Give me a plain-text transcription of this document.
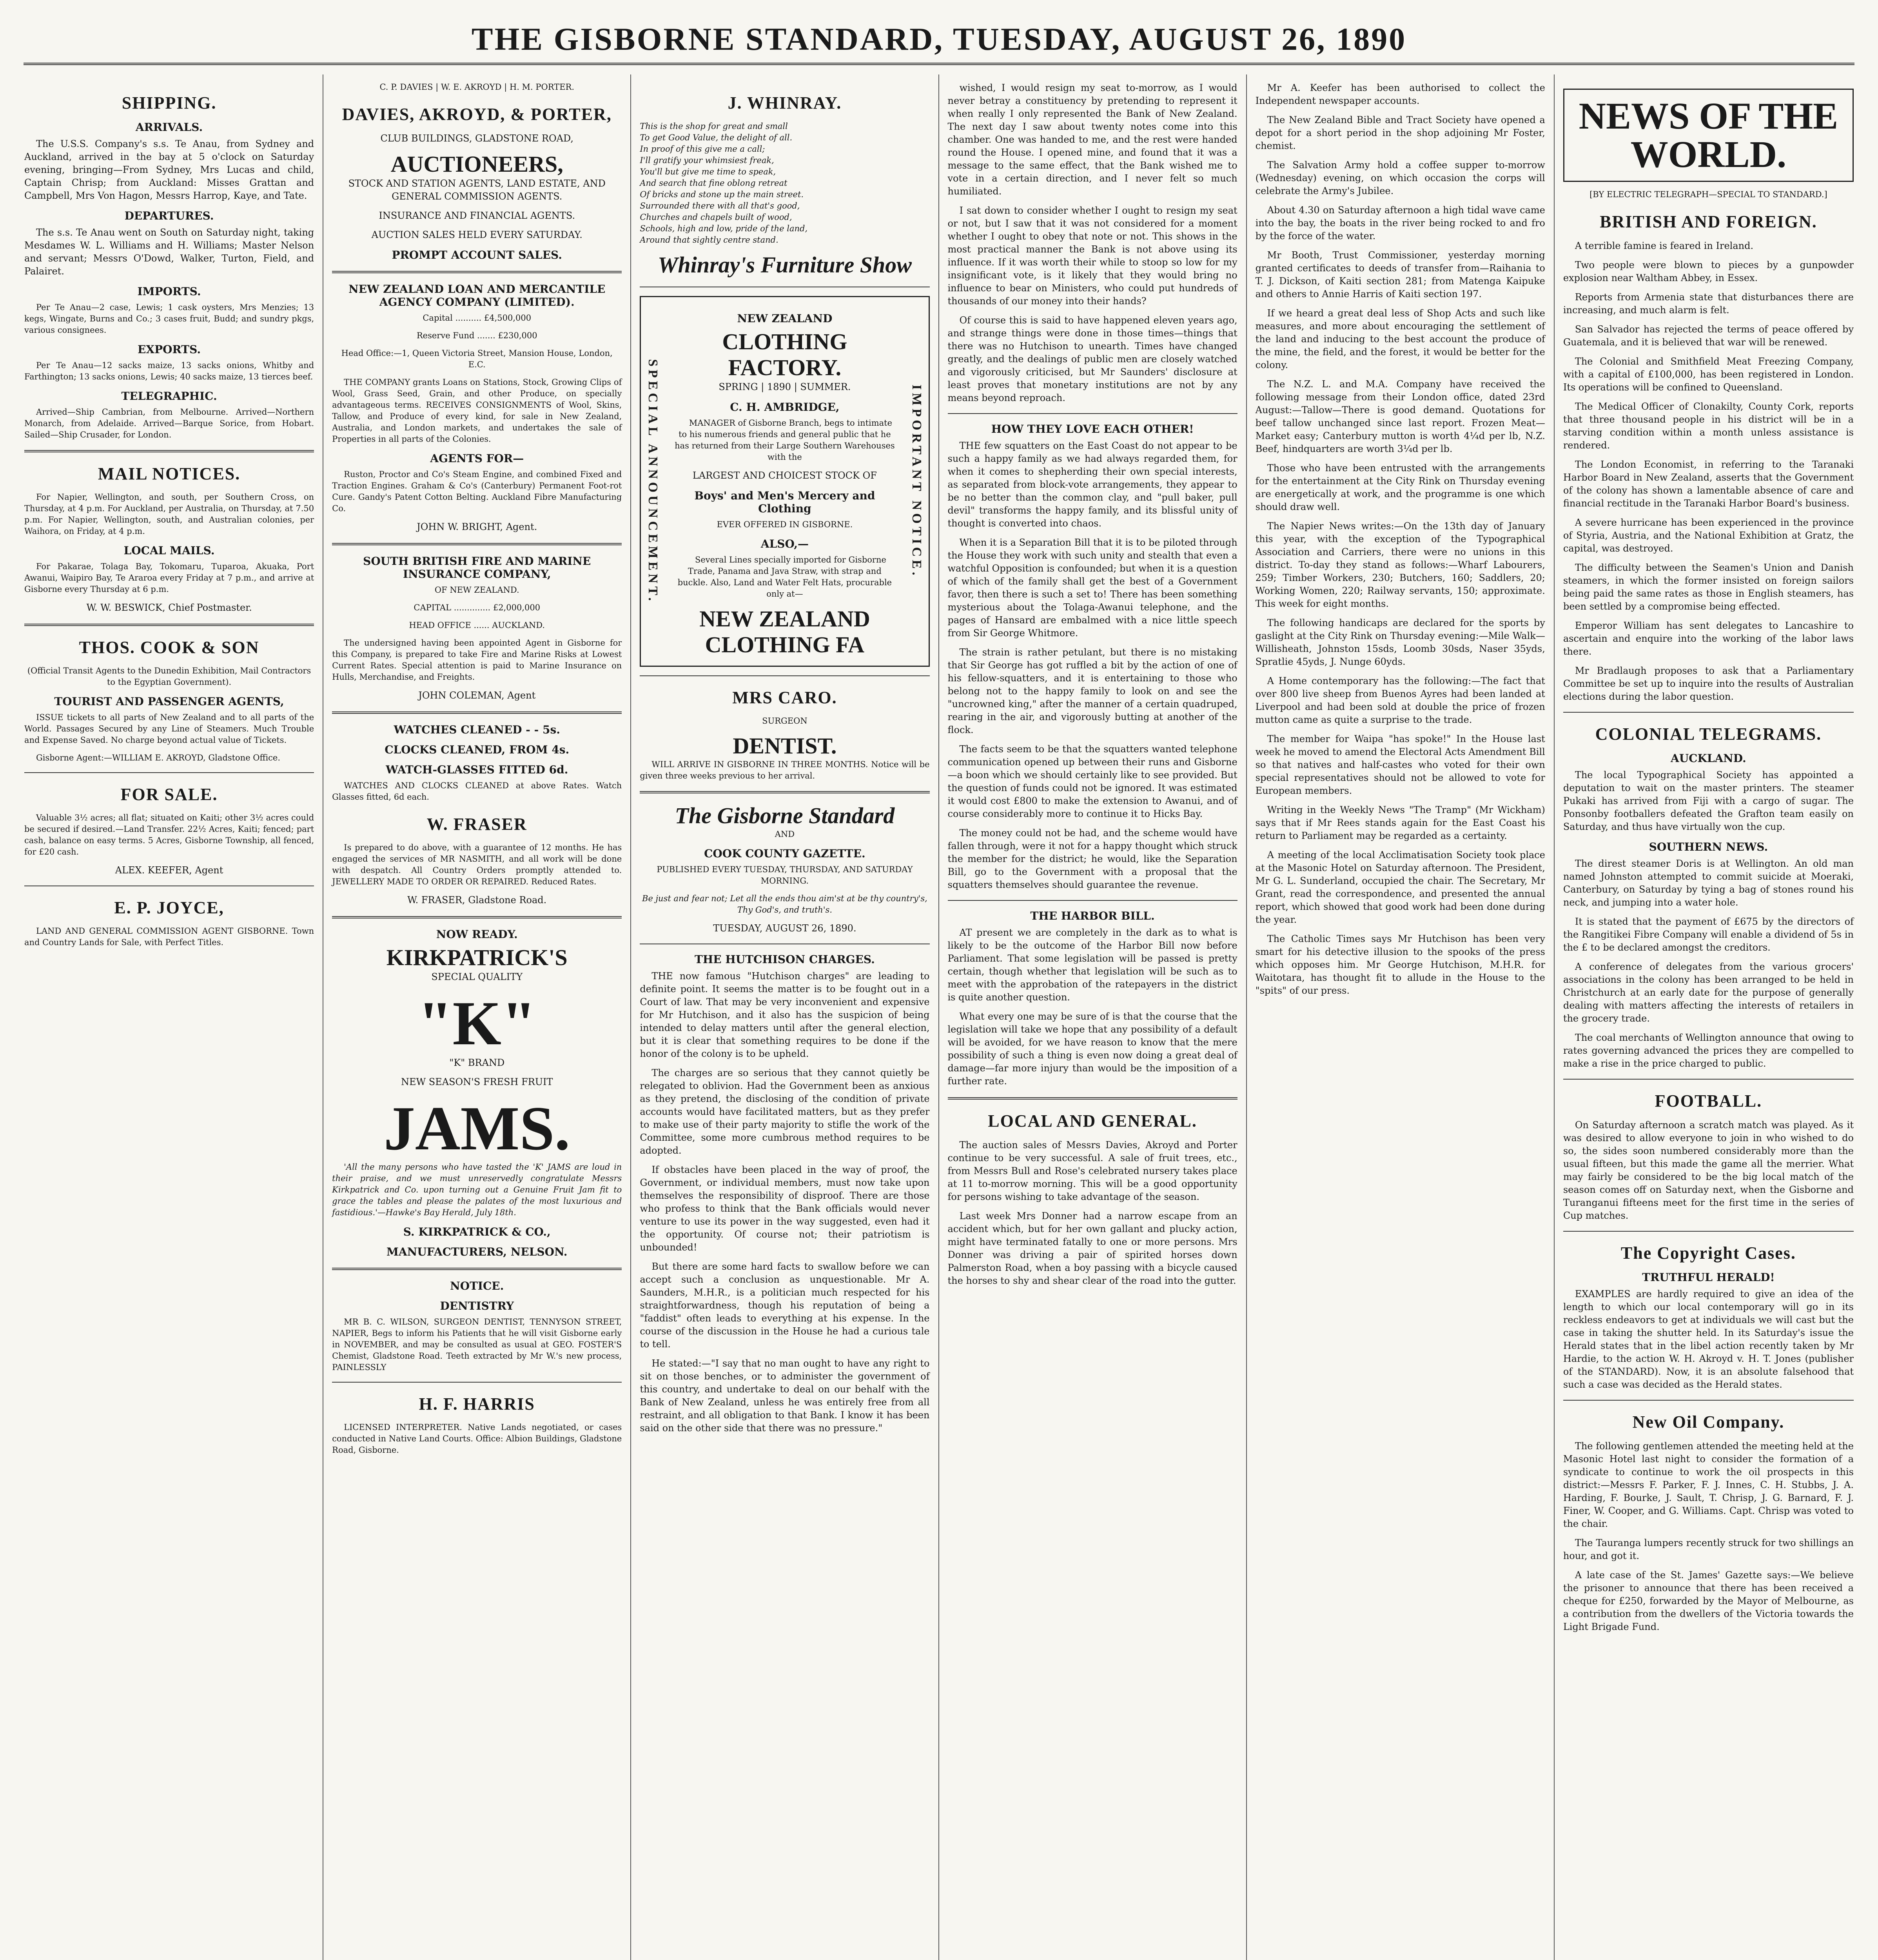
THE GISBORNE STANDARD, TUESDAY, AUGUST 26, 1890
SHIPPING.
ARRIVALS.

The U.S.S. Company's s.s. Te Anau, from Sydney and Auckland, arrived in the bay at 5 o'clock on Saturday evening, bringing—From Sydney, Mrs Lucas and child, Captain Chrisp; from Auckland: Misses Grattan and Campbell, Mrs Von Hagon, Messrs Harrop, Kaye, and Tate.

DEPARTURES.

The s.s. Te Anau went on South on Saturday night, taking Mesdames W. L. Williams and H. Williams; Master Nelson and servant; Messrs O'Dowd, Walker, Turton, Field, and Palairet.

IMPORTS.

Per Te Anau—2 case, Lewis; 1 cask oysters, Mrs Menzies; 13 kegs, Wingate, Burns and Co.; 3 cases fruit, Budd; and sundry pkgs, various consignees.

EXPORTS.

Per Te Anau—12 sacks maize, 13 sacks onions, Whitby and Farthington; 13 sacks onions, Lewis; 40 sacks maize, 13 tierces beef.

TELEGRAPHIC.

Arrived—Ship Cambrian, from Melbourne. Arrived—Northern Monarch, from Adelaide. Arrived—Barque Sorice, from Hobart. Sailed—Ship Crusader, for London.

MAIL NOTICES.

For Napier, Wellington, and south, per Southern Cross, on Thursday, at 4 p.m. For Auckland, per Australia, on Thursday, at 7.50 p.m. For Napier, Wellington, south, and Australian colonies, per Waihora, on Friday, at 4 p.m.

LOCAL MAILS.

For Pakarae, Tolaga Bay, Tokomaru, Tuparoa, Akuaka, Port Awanui, Waipiro Bay, Te Araroa every Friday at 7 p.m., and arrive at Gisborne every Thursday at 6 p.m.

W. W. BESWICK, Chief Postmaster.

THOS. COOK & SON

(Official Transit Agents to the Dunedin Exhibition, Mail Contractors to the Egyptian Government).

TOURIST AND PASSENGER AGENTS,

ISSUE tickets to all parts of New Zealand and to all parts of the World. Passages Secured by any Line of Steamers. Much Trouble and Expense Saved. No charge beyond actual value of Tickets.

Gisborne Agent:—WILLIAM E. AKROYD, Gladstone Office.

FOR SALE.

Valuable 3½ acres; all flat; situated on Kaiti; other 3½ acres could be secured if desired.—Land Transfer. 22½ Acres, Kaiti; fenced; part cash, balance on easy terms. 5 Acres, Gisborne Township, all fenced, for £20 cash.

ALEX. KEEFER, Agent

E. P. JOYCE,

LAND AND GENERAL COMMISSION AGENT GISBORNE. Town and Country Lands for Sale, with Perfect Titles.

C. P. DAVIES | W. E. AKROYD | H. M. PORTER.

DAVIES, AKROYD, & PORTER,

CLUB BUILDINGS, GLADSTONE ROAD,

AUCTIONEERS,

STOCK AND STATION AGENTS, LAND ESTATE, AND GENERAL COMMISSION AGENTS.

INSURANCE AND FINANCIAL AGENTS.

AUCTION SALES HELD EVERY SATURDAY.

PROMPT ACCOUNT SALES.
NEW ZEALAND LOAN AND MERCANTILE AGENCY COMPANY (LIMITED).

Capital .......... £4,500,000

Reserve Fund ....... £230,000

Head Office:—1, Queen Victoria Street, Mansion House, London, E.C.

THE COMPANY grants Loans on Stations, Stock, Growing Clips of Wool, Grass Seed, Grain, and other Produce, on specially advantageous terms. RECEIVES CONSIGNMENTS of Wool, Skins, Tallow, and Produce of every kind, for sale in New Zealand, Australia, and London markets, and undertakes the sale of Properties in all parts of the Colonies.

AGENTS FOR—

Ruston, Proctor and Co's Steam Engine, and combined Fixed and Traction Engines. Graham & Co's (Canterbury) Permanent Foot-rot Cure. Gandy's Patent Cotton Belting. Auckland Fibre Manufacturing Co.

JOHN W. BRIGHT, Agent.

SOUTH BRITISH FIRE AND MARINE INSURANCE COMPANY,

OF NEW ZEALAND.

CAPITAL .............. £2,000,000

HEAD OFFICE ...... AUCKLAND.

The undersigned having been appointed Agent in Gisborne for this Company, is prepared to take Fire and Marine Risks at Lowest Current Rates. Special attention is paid to Marine Insurance on Hulls, Merchandise, and Freights.

JOHN COLEMAN, Agent

WATCHES CLEANED - - 5s.
CLOCKS CLEANED, FROM 4s.
WATCH-GLASSES FITTED 6d.

WATCHES AND CLOCKS CLEANED at above Rates. Watch Glasses fitted, 6d each.

W. FRASER

Is prepared to do above, with a guarantee of 12 months. He has engaged the services of MR NASMITH, and all work will be done with despatch. All Country Orders promptly attended to. JEWELLERY MADE TO ORDER OR REPAIRED. Reduced Rates.

W. FRASER, Gladstone Road.

NOW READY.
KIRKPATRICK'S

SPECIAL QUALITY

"K"

"K" BRAND

NEW SEASON'S FRESH FRUIT

JAMS.

'All the many persons who have tasted the 'K' JAMS are loud in their praise, and we must unreservedly congratulate Messrs Kirkpatrick and Co. upon turning out a Genuine Fruit Jam fit to grace the tables and please the palates of the most luxurious and fastidious.'—Hawke's Bay Herald, July 18th.

S. KIRKPATRICK & CO.,
MANUFACTURERS, NELSON.
NOTICE.
DENTISTRY

MR B. C. WILSON, SURGEON DENTIST, TENNYSON STREET, NAPIER, Begs to inform his Patients that he will visit Gisborne early in NOVEMBER, and may be consulted as usual at GEO. FOSTER'S Chemist, Gladstone Road. Teeth extracted by Mr W.'s new process, PAINLESSLY

H. F. HARRIS

LICENSED INTERPRETER. Native Lands negotiated, or cases conducted in Native Land Courts. Office: Albion Buildings, Gladstone Road, Gisborne.

J. WHINRAY.

This is the shop for great and small
To get Good Value, the delight of all.
In proof of this give me a call;
I'll gratify your whimsiest freak,
You'll but give me time to speak,
And search that fine oblong retreat
Of bricks and stone up the main street.
Surrounded there with all that's good,
Churches and chapels built of wood,
Schools, high and low, pride of the land,
Around that sightly centre stand.

Whinray's Furniture Show
SPECIAL ANNOUNCEMENT.	IMPORTANT NOTICE.
NEW ZEALAND
CLOTHING FACTORY.

SPRING | 1890 | SUMMER.

C. H. AMBRIDGE,

MANAGER of Gisborne Branch, begs to intimate to his numerous friends and general public that he has returned from their Large Southern Warehouses with the

LARGEST AND CHOICEST STOCK OF

Boys' and Men's Mercery and Clothing

EVER OFFERED IN GISBORNE.

ALSO,—

Several Lines specially imported for Gisborne Trade, Panama and Java Straw, with strap and buckle. Also, Land and Water Felt Hats, procurable only at—

NEW ZEALAND CLOTHING FA
MRS CARO.

SURGEON

DENTIST.

WILL ARRIVE IN GISBORNE IN THREE MONTHS. Notice will be given three weeks previous to her arrival.

The Gisborne Standard

AND

COOK COUNTY GAZETTE.

PUBLISHED EVERY TUESDAY, THURSDAY, AND SATURDAY MORNING.

Be just and fear not; Let all the ends thou aim'st at be thy country's, Thy God's, and truth's.

TUESDAY, AUGUST 26, 1890.

THE HUTCHISON CHARGES.

THE now famous "Hutchison charges" are leading to definite point. It seems the matter is to be fought out in a Court of law. That may be very inconvenient and expensive for Mr Hutchison, and it also has the suspicion of being intended to delay matters until after the general election, but it is clear that something requires to be done if the honor of the colony is to be upheld.

The charges are so serious that they cannot quietly be relegated to oblivion. Had the Government been as anxious as they pretend, the disclosing of the condition of private accounts would have facilitated matters, but as they prefer to make use of their party majority to stifle the work of the Committee, some more cumbrous method requires to be adopted.

If obstacles have been placed in the way of proof, the Government, or individual members, must now take upon themselves the responsibility of disproof. There are those who profess to think that the Bank officials would never venture to use its power in the way suggested, even had it the opportunity. Of course not; their patriotism is unbounded!

But there are some hard facts to swallow before we can accept such a conclusion as unquestionable. Mr A. Saunders, M.H.R., is a politician much respected for his straightforwardness, though his reputation of being a "faddist" often leads to everything at his expense. In the course of the discussion in the House he had a curious tale to tell.

He stated:—"I say that no man ought to have any right to sit on those benches, or to administer the government of this country, and undertake to deal on our behalf with the Bank of New Zealand, unless he was entirely free from all restraint, and all obligation to that Bank. I know it has been said on the other side that there was no pressure."

wished, I would resign my seat to-morrow, as I would never betray a constituency by pretending to represent it when really I only represented the Bank of New Zealand. The next day I saw about twenty notes come into this chamber. One was handed to me, and the rest were handed round the House. I opened mine, and found that it was a message to the same effect, that the Bank wished me to vote in a certain direction, and I never felt so much humiliated.

I sat down to consider whether I ought to resign my seat or not, but I saw that it was not considered for a moment whether I ought to obey that note or not. This shows in the most practical manner the Bank is not above using its influence. If it was worth their while to stoop so low for my insignificant vote, is it likely that they would bring no influence to bear on Ministers, who could put hundreds of thousands of our money into their hands?

Of course this is said to have happened eleven years ago, and strange things were done in those times—things that there was no Hutchison to unearth. Times have changed greatly, and the dealings of public men are closely watched and vigorously criticised, but Mr Saunders' disclosure at least proves that monetary institutions are not by any means beyond reproach.

HOW THEY LOVE EACH OTHER!

THE few squatters on the East Coast do not appear to be such a happy family as we had always regarded them, for when it comes to shepherding their own special interests, as separated from block-vote arrangements, they appear to be no better than the common clay, and "pull baker, pull devil" transforms the happy family, and its blissful unity of thought is converted into chaos.

When it is a Separation Bill that it is to be piloted through the House they work with such unity and stealth that even a watchful Opposition is confounded; but when it is a question of which of the family shall get the best of a Government favor, then there is such a set to! There has been something mysterious about the Tolaga-Awanui telephone, and the pages of Hansard are embalmed with a nice little speech from Sir George Whitmore.

The strain is rather petulant, but there is no mistaking that Sir George has got ruffled a bit by the action of one of his fellow-squatters, and it is entertaining to those who belong not to the happy family to look on and see the "uncrowned king," after the manner of a certain quadruped, rearing in the air, and vigorously butting at another of the flock.

The facts seem to be that the squatters wanted telephone communication opened up between their runs and Gisborne—a boon which we should certainly like to see provided. But the question of funds could not be ignored. It was estimated it would cost £800 to make the extension to Awanui, and of course considerably more to continue it to Hicks Bay.

The money could not be had, and the scheme would have fallen through, were it not for a happy thought which struck the member for the district; he would, like the Separation Bill, go to the Government with a proposal that the squatters themselves should guarantee the revenue.

THE HARBOR BILL.

AT present we are completely in the dark as to what is likely to be the outcome of the Harbor Bill now before Parliament. That some legislation will be passed is pretty certain, though whether that legislation will be such as to meet with the approbation of the ratepayers in the district is quite another question.

What every one may be sure of is that the course that the legislation will take we hope that any possibility of a default will be avoided, for we have reason to know that the mere possibility of such a thing is even now doing a great deal of damage—far more injury than would be the imposition of a further rate.

LOCAL AND GENERAL.

The auction sales of Messrs Davies, Akroyd and Porter continue to be very successful. A sale of fruit trees, etc., from Messrs Bull and Rose's celebrated nursery takes place at 11 to-morrow morning. This will be a good opportunity for persons wishing to take advantage of the season.

Last week Mrs Donner had a narrow escape from an accident which, but for her own gallant and plucky action, might have terminated fatally to one or more persons. Mrs Donner was driving a pair of spirited horses down Palmerston Road, when a boy passing with a bicycle caused the horses to shy and shear clear of the road into the gutter.

Mr A. Keefer has been authorised to collect the Independent newspaper accounts.

The New Zealand Bible and Tract Society have opened a depot for a short period in the shop adjoining Mr Foster, chemist.

The Salvation Army hold a coffee supper to-morrow (Wednesday) evening, on which occasion the corps will celebrate the Army's Jubilee.

About 4.30 on Saturday afternoon a high tidal wave came into the bay, the boats in the river being rocked to and fro by the force of the water.

Mr Booth, Trust Commissioner, yesterday morning granted certificates to deeds of transfer from—Raihania to T. J. Dickson, of Kaiti section 281; from Matenga Kaipuke and others to Annie Harris of Kaiti section 197.

If we heard a great deal less of Shop Acts and such like measures, and more about encouraging the settlement of the land and inducing to the best account the produce of the mine, the field, and the forest, it would be better for the colony.

The N.Z. L. and M.A. Company have received the following message from their London office, dated 23rd August:—Tallow—There is good demand. Quotations for beef tallow unchanged since last report. Frozen Meat—Market easy; Canterbury mutton is worth 4¼d per lb, N.Z. Beef, hindquarters are worth 3¼d per lb.

Those who have been entrusted with the arrangements for the entertainment at the City Rink on Thursday evening are energetically at work, and the programme is one which should draw well.

The Napier News writes:—On the 13th day of January this year, with the exception of the Typographical Association and Carriers, there were no unions in this district. To-day they stand as follows:—Wharf Labourers, 259; Timber Workers, 230; Butchers, 160; Saddlers, 20; Working Women, 220; Railway servants, 150; approximate. This week for eight months.

The following handicaps are declared for the sports by gaslight at the City Rink on Thursday evening:—Mile Walk—Willisheath, Johnston 15sds, Loomb 30sds, Naser 35yds, Spratlie 45yds, J. Nunge 60yds.

A Home contemporary has the following:—The fact that over 800 live sheep from Buenos Ayres had been landed at Liverpool and had been sold at double the price of frozen mutton came as quite a surprise to the trade.

The member for Waipa "has spoke!" In the House last week he moved to amend the Electoral Acts Amendment Bill so that natives and half-castes who voted for their own special representatives should not be allowed to vote for European members.

Writing in the Weekly News "The Tramp" (Mr Wickham) says that if Mr Rees stands again for the East Coast his return to Parliament may be regarded as a certainty.

A meeting of the local Acclimatisation Society took place at the Masonic Hotel on Saturday afternoon. The President, Mr G. L. Sunderland, occupied the chair. The Secretary, Mr Grant, read the correspondence, and presented the annual report, which showed that good work had been done during the year.

The Catholic Times says Mr Hutchison has been very smart for his detective illusion to the spooks of the press which opposes him. Mr George Hutchison, M.H.R. for Waitotara, has thought fit to allude in the House to the "spits" of our press.

NEWS OF THE WORLD.

[BY ELECTRIC TELEGRAPH—SPECIAL TO STANDARD.]

BRITISH AND FOREIGN.

A terrible famine is feared in Ireland.

Two people were blown to pieces by a gunpowder explosion near Waltham Abbey, in Essex.

Reports from Armenia state that disturbances there are increasing, and much alarm is felt.

San Salvador has rejected the terms of peace offered by Guatemala, and it is believed that war will be renewed.

The Colonial and Smithfield Meat Freezing Company, with a capital of £100,000, has been registered in London. Its operations will be confined to Queensland.

The Medical Officer of Clonakilty, County Cork, reports that three thousand people in his district will be in a starving condition within a month unless assistance is rendered.

The London Economist, in referring to the Taranaki Harbor Board in New Zealand, asserts that the Government of the colony has shown a lamentable absence of care and financial rectitude in the Taranaki Harbor Board's business.

A severe hurricane has been experienced in the province of Styria, Austria, and the National Exhibition at Gratz, the capital, was destroyed.

The difficulty between the Seamen's Union and Danish steamers, in which the former insisted on foreign sailors being paid the same rates as those in English steamers, has been settled by a compromise being effected.

Emperor William has sent delegates to Lancashire to ascertain and enquire into the working of the labor laws there.

Mr Bradlaugh proposes to ask that a Parliamentary Committee be set up to inquire into the results of Australian elections during the labor question.

COLONIAL TELEGRAMS.
AUCKLAND.

The local Typographical Society has appointed a deputation to wait on the master printers. The steamer Pukaki has arrived from Fiji with a cargo of sugar. The Ponsonby footballers defeated the Grafton team easily on Saturday, and thus have virtually won the cup.

SOUTHERN NEWS.

The direst steamer Doris is at Wellington. An old man named Johnston attempted to commit suicide at Moeraki, Canterbury, on Saturday by tying a bag of stones round his neck, and jumping into a water hole.

It is stated that the payment of £675 by the directors of the Rangitikei Fibre Company will enable a dividend of 5s in the £ to be declared amongst the creditors.

A conference of delegates from the various grocers' associations in the colony has been arranged to be held in Christchurch at an early date for the purpose of generally dealing with matters affecting the interests of retailers in the grocery trade.

The coal merchants of Wellington announce that owing to rates governing advanced the prices they are compelled to make a rise in the price charged to public.

FOOTBALL.

On Saturday afternoon a scratch match was played. As it was desired to allow everyone to join in who wished to do so, the sides soon numbered considerably more than the usual fifteen, but this made the game all the merrier. What may fairly be considered to be the big local match of the season comes off on Saturday next, when the Gisborne and Turanganui fifteens meet for the first time in the series of Cup matches.

The Copyright Cases.
TRUTHFUL HERALD!

EXAMPLES are hardly required to give an idea of the length to which our local contemporary will go in its reckless endeavors to get at individuals we will cast but the case in taking the shutter held. In its Saturday's issue the Herald states that in the libel action recently taken by Mr Hardie, to the action W. H. Akroyd v. H. T. Jones (publisher of the STANDARD). Now, it is an absolute falsehood that such a case was decided as the Herald states.

New Oil Company.

The following gentlemen attended the meeting held at the Masonic Hotel last night to consider the formation of a syndicate to continue to work the oil prospects in this district:—Messrs F. Parker, F. J. Innes, C. H. Stubbs, J. A. Harding, F. Bourke, J. Sault, T. Chrisp, J. G. Barnard, F. J. Finer, W. Cooper, and G. Williams. Capt. Chrisp was voted to the chair.

The Tauranga lumpers recently struck for two shillings an hour, and got it.

A late case of the St. James' Gazette says:—We believe the prisoner to announce that there has been received a cheque for £250, forwarded by the Mayor of Melbourne, as a contribution from the dwellers of the Victoria towards the Light Brigade Fund.
